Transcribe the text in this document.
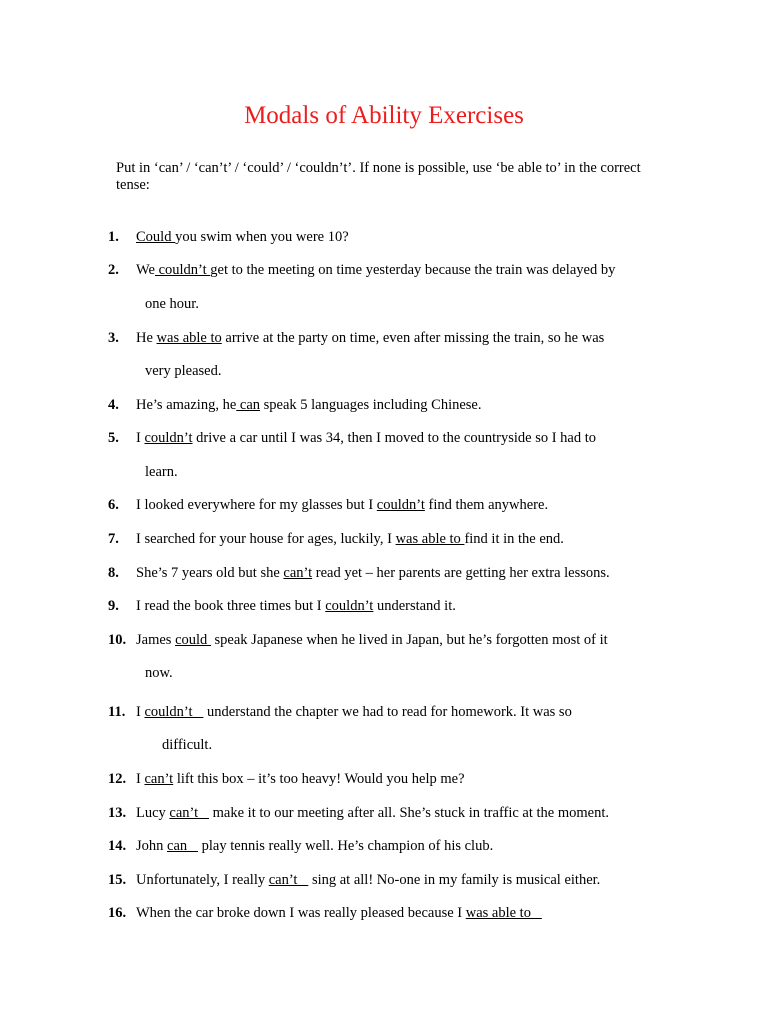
Modals of Ability Exercises
Put in ‘can’ / ‘can’t’ / ‘could’ / ‘couldn’t’. If none is possible, use ‘be able to’ in the correct tense:
1. Could you swim when you were 10?
2. We couldn’t get to the meeting on time yesterday because the train was delayed by
one hour.
3. He was able to arrive at the party on time, even after missing the train, so he was
very pleased.
4. He’s amazing, he can speak 5 languages including Chinese.
5. I couldn’t drive a car until I was 34, then I moved to the countryside so I had to
learn.
6. I looked everywhere for my glasses but I couldn’t find them anywhere.
7. I searched for your house for ages, luckily, I was able to find it in the end.
8. She’s 7 years old but she can’t read yet – her parents are getting her extra lessons.
9. I read the book three times but I couldn’t understand it.
10. James could  speak Japanese when he lived in Japan, but he’s forgotten most of it
now.
11. I couldn’t    understand the chapter we had to read for homework. It was so
difficult.
12. I can’t lift this box – it’s too heavy! Would you help me?
13. Lucy can’t    make it to our meeting after all. She’s stuck in traffic at the moment.
14. John can    play tennis really well. He’s champion of his club.
15. Unfortunately, I really can’t    sing at all! No-one in my family is musical either.
16. When the car broke down I was really pleased because I was able to
